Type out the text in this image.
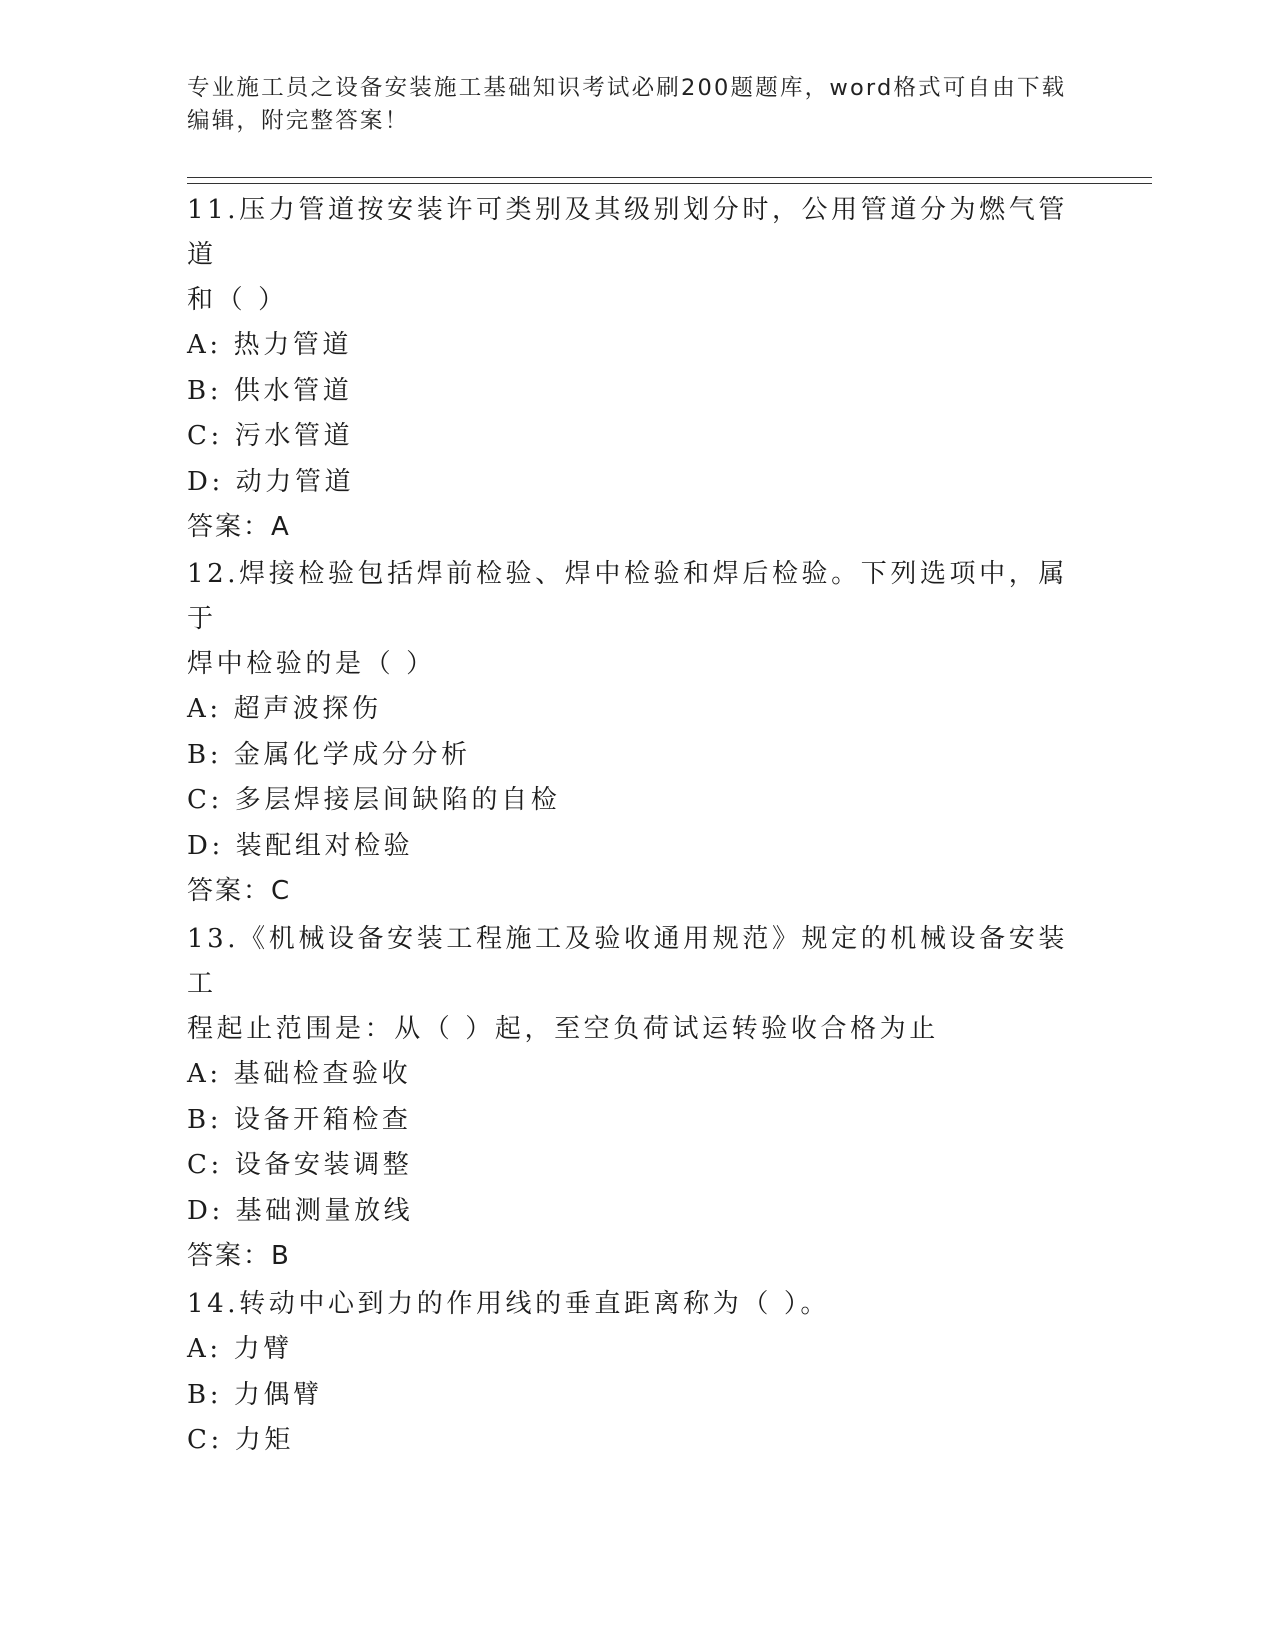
专业施工员之设备安装施工基础知识考试必刷200题题库，word格式可自由下载
编辑，附完整答案！

11.压力管道按安装许可类别及其级别划分时，公用管道分为燃气管道

和（ ）

A: 热力管道

B: 供水管道

C: 污水管道

D: 动力管道

答案：A

12.焊接检验包括焊前检验、焊中检验和焊后检验。下列选项中，属于

焊中检验的是（ ）

A: 超声波探伤

B: 金属化学成分分析

C: 多层焊接层间缺陷的自检

D: 装配组对检验

答案：C

13.《机械设备安装工程施工及验收通用规范》规定的机械设备安装工

程起止范围是：从（ ）起，至空负荷试运转验收合格为止

A: 基础检查验收

B: 设备开箱检查

C: 设备安装调整

D: 基础测量放线

答案：B

14.转动中心到力的作用线的垂直距离称为（ ）。

A: 力臂

B: 力偶臂

C: 力矩
